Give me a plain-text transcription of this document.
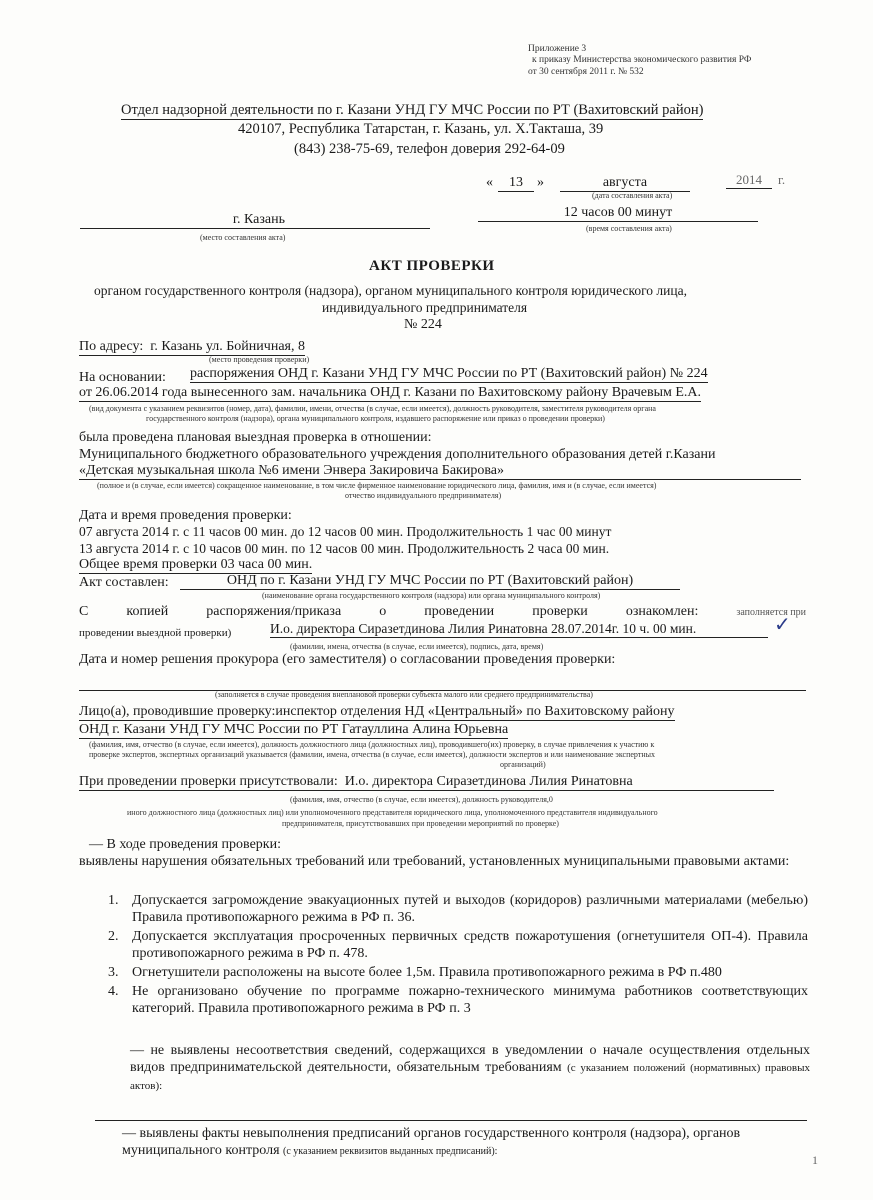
Приложение 3
к приказу Министерства экономического развития РФ
от 30 сентября 2011 г. № 532
Отдел надзорной деятельности по г. Казани УНД ГУ МЧС России по РТ (Вахитовский район)
420107, Республика Татарстан, г. Казань, ул. Х.Такташа, 39
(843) 238-75-69, телефон доверия 292-64-09
«	13	»	августа	2014	г.
(дата составления акта)
г. Казань
(место составления акта)
12 часов 00 минут
(время составления акта)
АКТ ПРОВЕРКИ
органом государственного контроля (надзора), органом муниципального контроля юридического лица,
индивидуального предпринимателя
№ 224
По адресу: г. Казань ул. Бойничная, 8
(место проведения проверки)
На основании: распоряжения ОНД г. Казани УНД ГУ МЧС России по РТ (Вахитовский район) № 224
от 26.06.2014 года вынесенного зам. начальника ОНД г. Казани по Вахитовскому району Врачевым Е.А.
(вид документа с указанием реквизитов (номер, дата), фамилии, имени, отчества (в случае, если имеется), должность руководителя, заместителя руководителя органа
государственного контроля (надзора), органа муниципального контроля, издавшего распоряжение или приказ о проведении проверки)
была проведена плановая выездная проверка в отношении:
Муниципального бюджетного образовательного учреждения дополнительного образования детей г.Казани
«Детская музыкальная школа №6 имени Энвера Закировича Бакирова»
(полное и (в случае, если имеется) сокращенное наименование, в том числе фирменное наименование юридического лица, фамилия, имя и (в случае, если имеется)
отчество индивидуального предпринимателя)
Дата и время проведения проверки:
07 августа 2014 г. с 11 часов 00 мин. до 12 часов 00 мин. Продолжительность 1 час 00 минут
13 августа 2014 г. с 10 часов 00 мин. по 12 часов 00 мин. Продолжительность 2 часа 00 мин.
Общее время проверки 03 часа 00 мин.
Акт составлен:	ОНД по г. Казани УНД ГУ МЧС России по РТ (Вахитовский район)
(наименование органа государственного контроля (надзора) или органа муниципального контроля)
С	копией	распоряжения/приказа	о	проведении	проверки	ознакомлен:	заполняется при
проведении выездной проверки)	И.о. директора Сиразетдинова Лилия Ринатовна 28.07.2014г. 10 ч. 00 мин.	✓
(фамилии, имена, отчества (в случае, если имеется), подпись, дата, время)
Дата и номер решения прокурора (его заместителя) о согласовании проведения проверки:
(заполняется в случае проведения внеплановой проверки субъекта малого или среднего предпринимательства)
Лицо(а), проводившие проверку:инспектор отделения НД «Центральный» по Вахитовскому району
ОНД г. Казани УНД ГУ МЧС России по РТ Гатауллина Алина Юрьевна
(фамилия, имя, отчество (в случае, если имеется), должность должностного лица (должностных лиц), проводившего(их) проверку, в случае привлечения к участию к
проверке экспертов, экспертных организаций указывается (фамилии, имена, отчества (в случае, если имеется), должности экспертов и или наименование экспертных
организаций)
При проведении проверки присутствовали: И.о. директора Сиразетдинова Лилия Ринатовна
(фамилия, имя, отчество (в случае, если имеется), должность руководителя,0
иного должностного лица (должностных лиц) или уполномоченного представителя юридического лица, уполномоченного представителя индивидуального
предпринимателя, присутствовавших при проведении мероприятий по проверке)
— В ходе проведения проверки:
выявлены нарушения обязательных требований или требований, установленных муниципальными правовыми актами:
1. Допускается загромождение эвакуационных путей и выходов (коридоров) различными материалами (мебелью) Правила противопожарного режима в РФ п. 36.
2. Допускается эксплуатация просроченных первичных средств пожаротушения (огнетушителя ОП-4). Правила противопожарного режима в РФ п. 478.
3. Огнетушители расположены на высоте более 1,5м. Правила противопожарного режима в РФ п.480
4. Не организовано обучение по программе пожарно-технического минимума работников соответствующих категорий. Правила противопожарного режима в РФ п. 3
— не выявлены несоответствия сведений, содержащихся в уведомлении о начале осуществления отдельных видов предпринимательской деятельности, обязательным требованиям (с указанием положений (нормативных) правовых актов):
— выявлены факты невыполнения предписаний органов государственного контроля (надзора), органов
муниципального контроля (с указанием реквизитов выданных предписаний):
1
